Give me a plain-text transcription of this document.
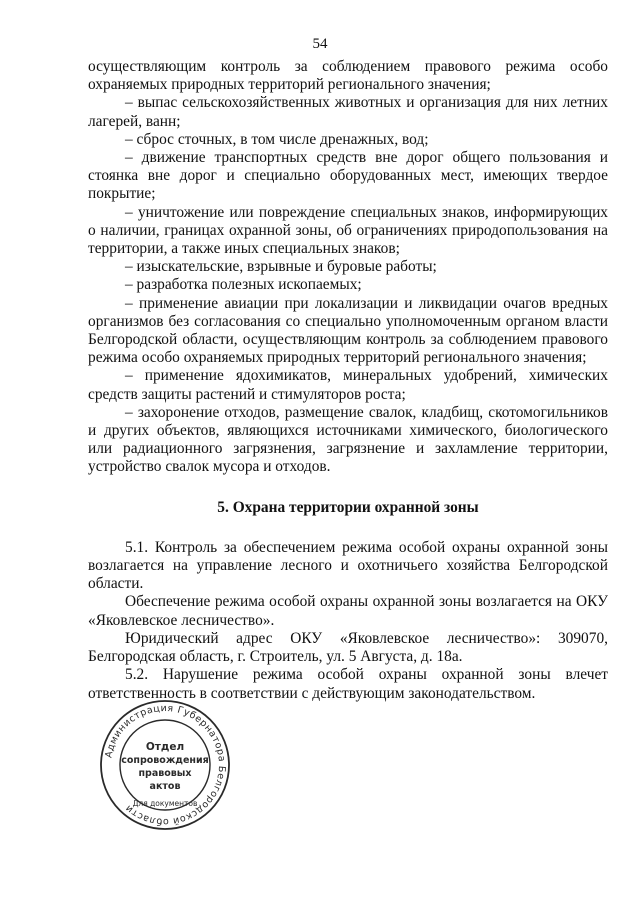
54

осуществляющим контроль за соблюдением правового режима особо охраняемых природных территорий регионального значения;

– выпас сельскохозяйственных животных и организация для них летних лагерей, ванн;

– сброс сточных, в том числе дренажных, вод;

– движение транспортных средств вне дорог общего пользования и стоянка вне дорог и специально оборудованных мест, имеющих твердое покрытие;

– уничтожение или повреждение специальных знаков, информирующих о наличии, границах охранной зоны, об ограничениях природопользования на территории, а также иных специальных знаков;

– изыскательские, взрывные и буровые работы;

– разработка полезных ископаемых;

– применение авиации при локализации и ликвидации очагов вредных организмов без согласования со специально уполномоченным органом власти Белгородской области, осуществляющим контроль за соблюдением правового режима особо охраняемых природных территорий регионального значения;

– применение ядохимикатов, минеральных удобрений, химических средств защиты растений и стимуляторов роста;

– захоронение отходов, размещение свалок, кладбищ, скотомогильников и других объектов, являющихся источниками химического, биологического или радиационного загрязнения, загрязнение и захламление территории, устройство свалок мусора и отходов.

5. Охрана территории охранной зоны

5.1. Контроль за обеспечением режима особой охраны охранной зоны возлагается на управление лесного и охотничьего хозяйства Белгородской области.

Обеспечение режима особой охраны охранной зоны возлагается на ОКУ «Яковлевское лесничество».

Юридический адрес ОКУ «Яковлевское лесничество»: 309070, Белгородская область, г. Строитель, ул. 5 Августа, д. 18а.

5.2. Нарушение режима особой охраны охранной зоны влечет ответственность в соответствии с действующим законодательством.

Администрация Губернатора Белгородской области
Отдел
сопровождения
правовых
актов
Для документов
